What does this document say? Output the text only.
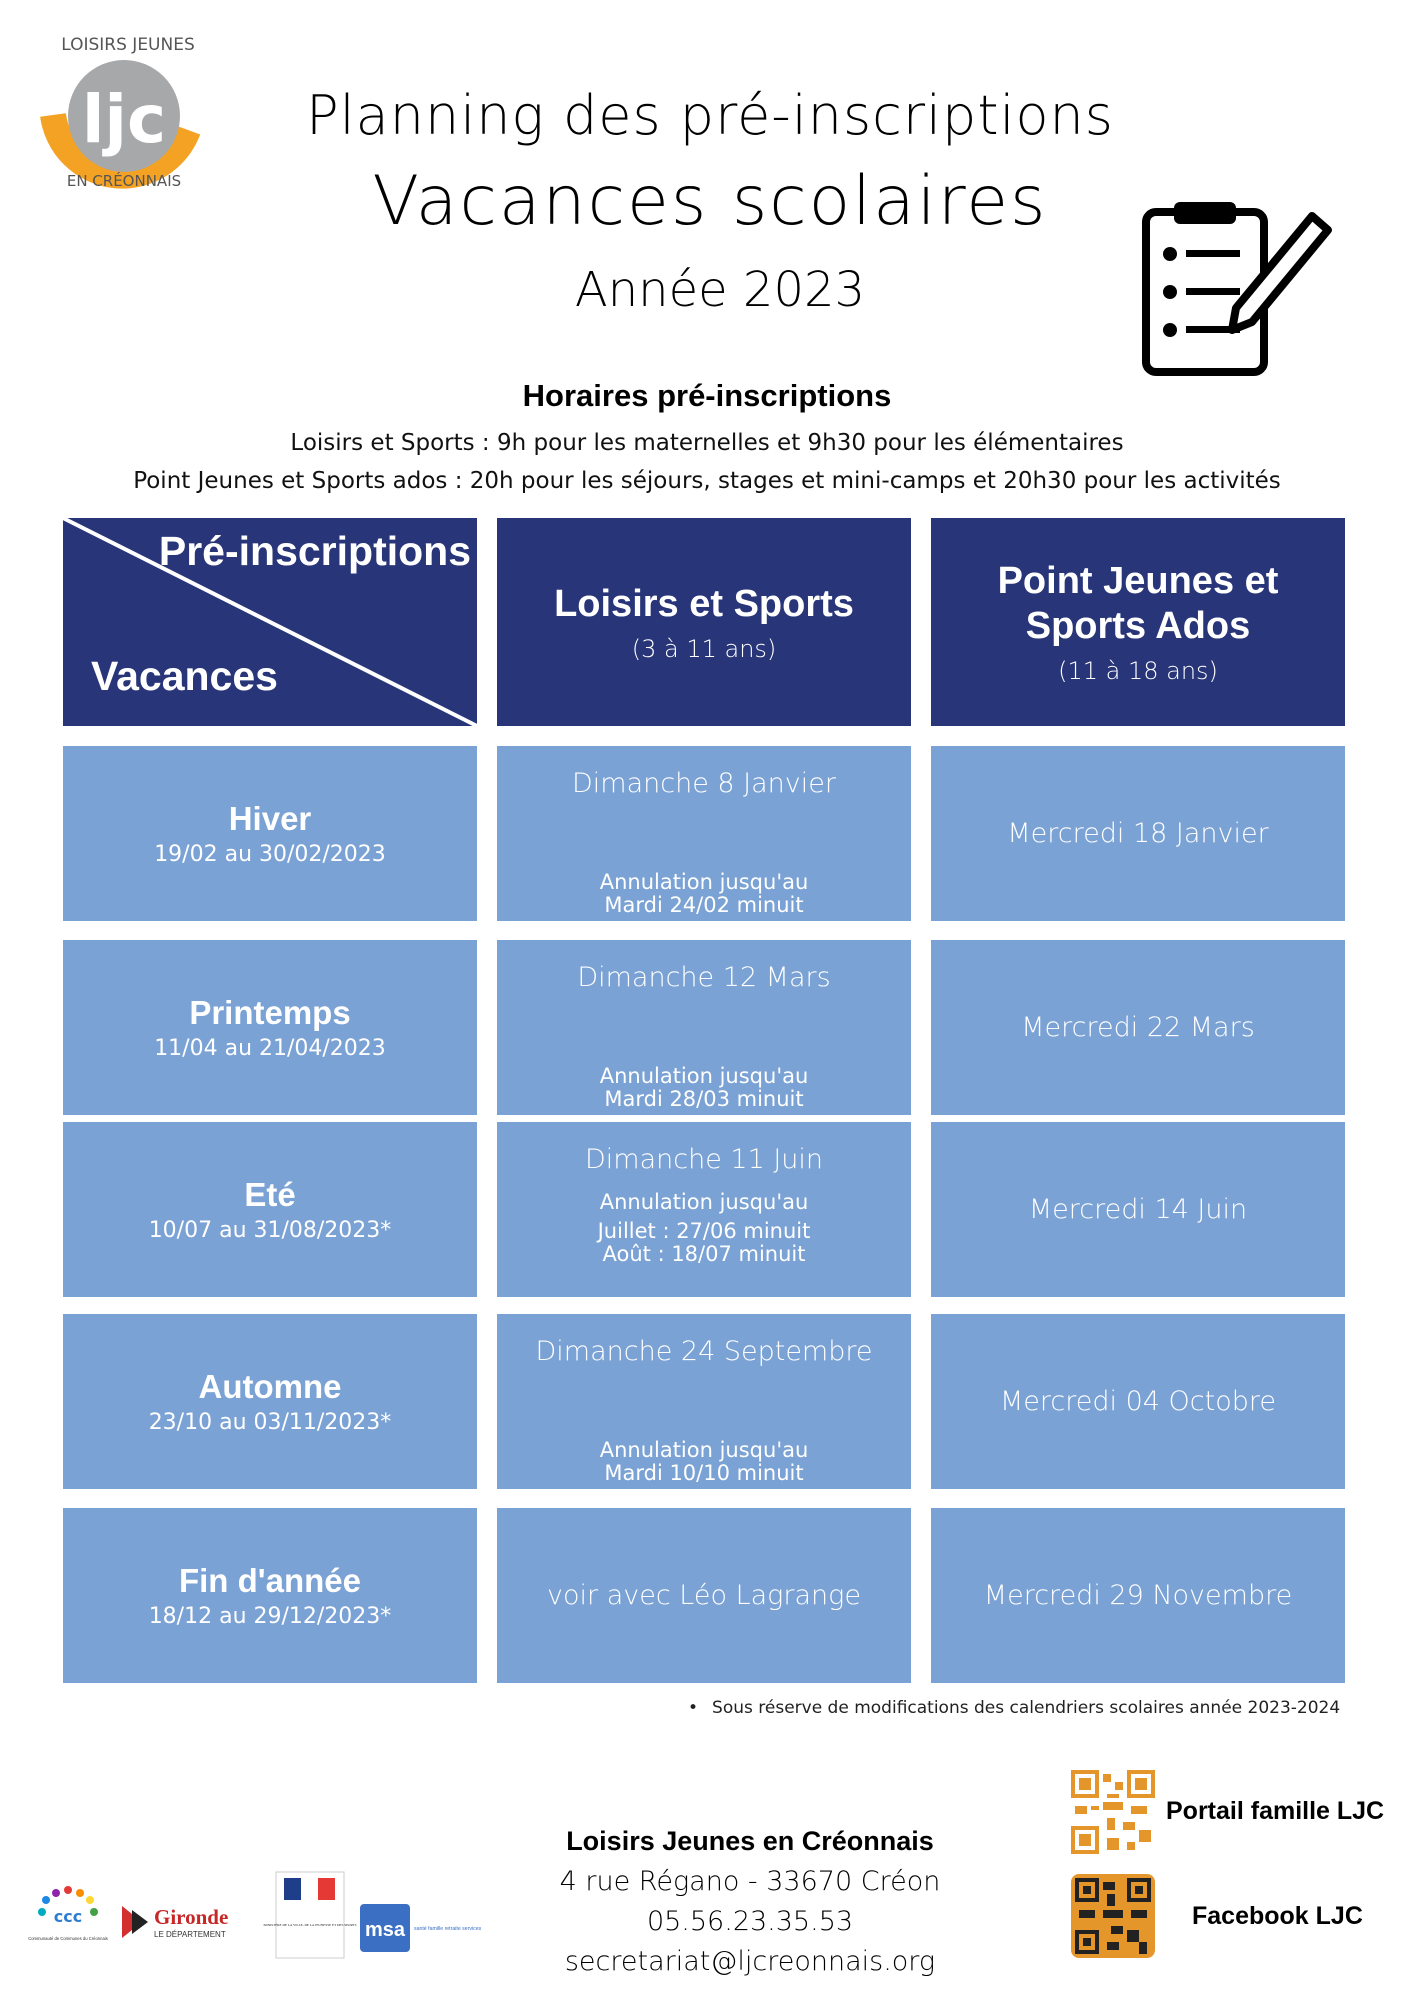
ljc
LOISIRS JEUNES
EN CRÉONNAIS
Planning des pré-inscriptions
Vacances scolaires
Année 2023
Horaires pré-inscriptions
Loisirs et Sports : 9h pour les maternelles et 9h30 pour les élémentaires
Point Jeunes et Sports ados : 20h pour les séjours, stages et mini-camps et 20h30 pour les activités
Pré-inscriptions
Vacances
Loisirs et Sports
(3 à 11 ans)
Point Jeunes et
Sports Ados
(11 à 18 ans)
Hiver
19/02 au 30/02/2023
Dimanche 8 Janvier
Annulation jusqu'au
Mardi 24/02 minuit
Mercredi 18 Janvier
Printemps
11/04 au 21/04/2023
Dimanche 12 Mars
Annulation jusqu'au
Mardi 28/03 minuit
Mercredi 22 Mars
Eté
10/07 au 31/08/2023*
Dimanche 11 Juin
Annulation jusqu'au
Juillet : 27/06 minuit
Août : 18/07 minuit
Mercredi 14 Juin
Automne
23/10 au 03/11/2023*
Dimanche 24 Septembre
Annulation jusqu'au
Mardi 10/10 minuit
Mercredi 04 Octobre
Fin d'année
18/12 au 29/12/2023*
voir avec Léo Lagrange	Mercredi 29 Novembre
• Sous réserve de modifications des calendriers scolaires année 2023-2024
Loisirs Jeunes en Créonnais
4 rue Régano - 33670 Créon
05.56.23.35.53
secretariat@ljcreonnais.org
Portail famille LJC
Facebook LJC
ccc
Communauté de Communes du Créonnais
Gironde
LE DÉPARTEMENT
MINISTÈRE DE LA VILLE, DE LA JEUNESSE ET DES SPORTS msa santé famille retraite services
